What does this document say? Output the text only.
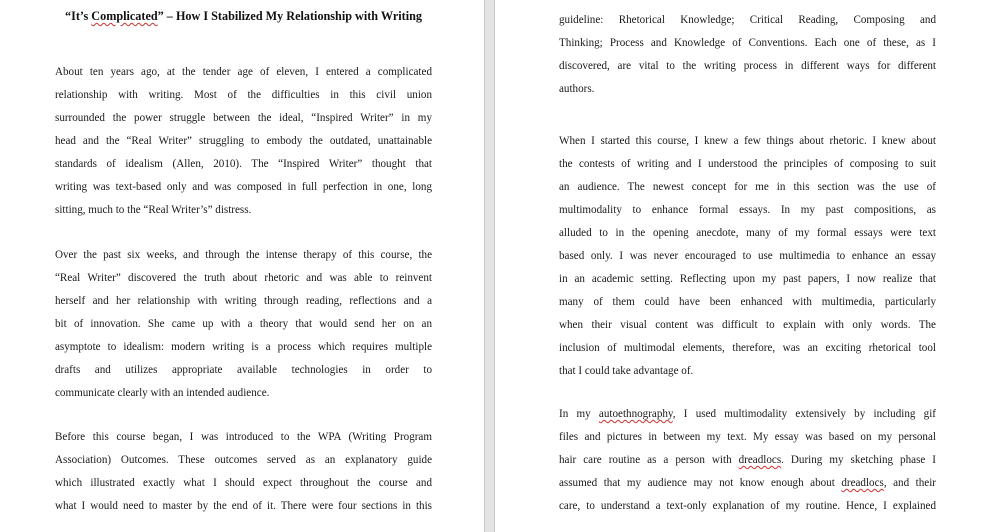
“It’s Complicated” – How I Stabilized My Relationship with Writing
About ten years ago, at the tender age of eleven, I entered a complicated
relationship with writing. Most of the difficulties in this civil union
surrounded the power struggle between the ideal, “Inspired Writer” in my
head and the “Real Writer” struggling to embody the outdated, unattainable
standards of idealism (Allen, 2010). The “Inspired Writer” thought that
writing was text-based only and was composed in full perfection in one, long
sitting, much to the “Real Writer’s” distress.
Over the past six weeks, and through the intense therapy of this course, the
“Real Writer” discovered the truth about rhetoric and was able to reinvent
herself and her relationship with writing through reading, reflections and a
bit of innovation. She came up with a theory that would send her on an
asymptote to idealism: modern writing is a process which requires multiple
drafts and utilizes appropriate available technologies in order to
communicate clearly with an intended audience.
Before this course began, I was introduced to the WPA (Writing Program
Association) Outcomes. These outcomes served as an explanatory guide
which illustrated exactly what I should expect throughout the course and
what I would need to master by the end of it. There were four sections in this
guideline: Rhetorical Knowledge; Critical Reading, Composing and
Thinking; Process and Knowledge of Conventions. Each one of these, as I
discovered, are vital to the writing process in different ways for different
authors.
When I started this course, I knew a few things about rhetoric. I knew about
the contests of writing and I understood the principles of composing to suit
an audience. The newest concept for me in this section was the use of
multimodality to enhance formal essays. In my past compositions, as
alluded to in the opening anecdote, many of my formal essays were text
based only. I was never encouraged to use multimedia to enhance an essay
in an academic setting. Reflecting upon my past papers, I now realize that
many of them could have been enhanced with multimedia, particularly
when their visual content was difficult to explain with only words. The
inclusion of multimodal elements, therefore, was an exciting rhetorical tool
that I could take advantage of.
In my autoethnography, I used multimodality extensively by including gif
files and pictures in between my text. My essay was based on my personal
hair care routine as a person with dreadlocs. During my sketching phase I
assumed that my audience may not know enough about dreadlocs, and their
care, to understand a text-only explanation of my routine. Hence, I explained
